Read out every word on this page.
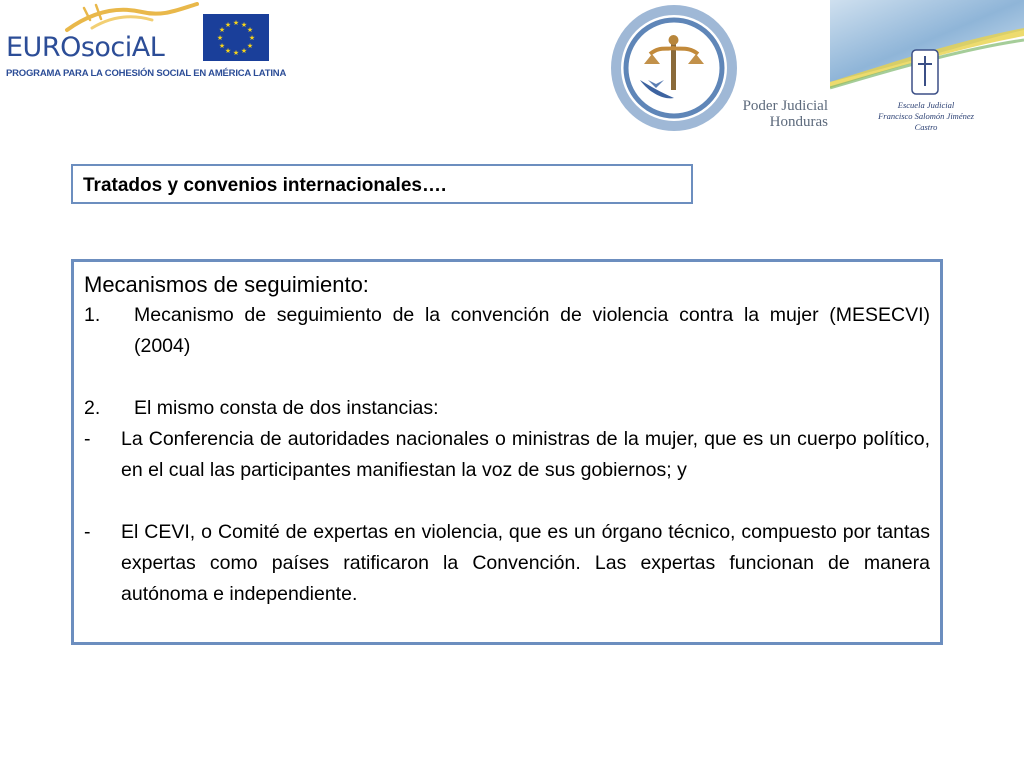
EUROsociAL
★ ★
★
★
★
★
★
★
★
★
★
★
PROGRAMA PARA LA COHESIÓN SOCIAL EN AMÉRICA LATINA
Poder Judicial
Honduras
Escuela Judicial
Francisco Salomón Jiménez Castro
Tratados y convenios internacionales….

Mecanismos de seguimiento:

1.	Mecanismo de seguimiento de la convención de violencia contra la mujer (MESECVI) (2004)
2.	El mismo consta de dos instancias:
-	La Conferencia de autoridades nacionales o ministras de la mujer, que es un cuerpo político, en el cual las participantes manifiestan la voz de sus gobiernos; y
-	El CEVI, o Comité de expertas en violencia, que es un órgano técnico, compuesto por tantas expertas como países ratificaron la Convención. Las expertas funcionan de manera autónoma e independiente.
